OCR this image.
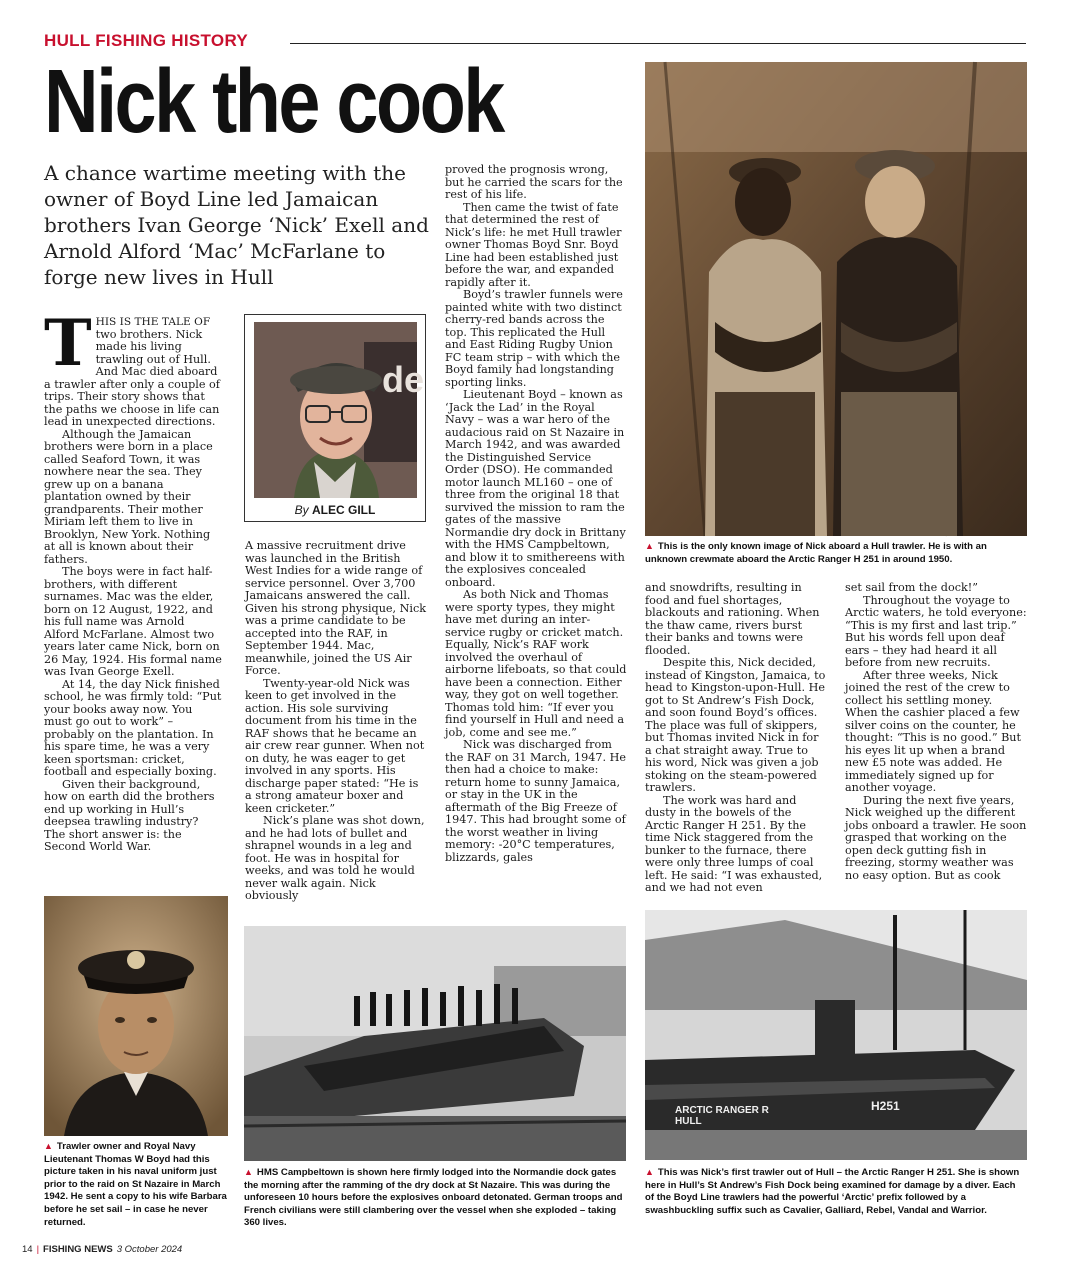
HULL FISHING HISTORY
Nick the cook
A chance wartime meeting with the owner of Boyd Line led Jamaican brothers Ivan George ‘Nick’ Exell and Arnold Alford ‘Mac’ McFarlane to forge new lives in Hull

THIS IS THE TALE OF two brothers. Nick made his living trawling out of Hull. And Mac died aboard a trawler after only a couple of trips. Their story shows that the paths we choose in life can lead in unexpected directions.

Although the Jamaican brothers were born in a place called Seaford Town, it was nowhere near the sea. They grew up on a banana plantation owned by their grandparents. Their mother Miriam left them to live in Brooklyn, New York. Nothing at all is known about their fathers.

The boys were in fact half-brothers, with different surnames. Mac was the elder, born on 12 August, 1922, and his full name was Arnold Alford McFarlane. Almost two years later came Nick, born on 26 May, 1924. His formal name was Ivan George Exell.

At 14, the day Nick finished school, he was firmly told: “Put your books away now. You must go out to work” – probably on the plantation. In his spare time, he was a very keen sportsman: cricket, football and especially boxing.

Given their background, how on earth did the brothers end up working in Hull’s deepsea trawling industry? The short answer is: the Second World War.

de
By ALEC GILL

A massive recruitment drive was launched in the British West Indies for a wide range of service personnel. Over 3,700 Jamaicans answered the call. Given his strong physique, Nick was a prime candidate to be accepted into the RAF, in September 1944. Mac, meanwhile, joined the US Air Force.

Twenty-year-old Nick was keen to get involved in the action. His sole surviving document from his time in the RAF shows that he became an air crew rear gunner. When not on duty, he was eager to get involved in any sports. His discharge paper stated: “He is a strong amateur boxer and keen cricketer.”

Nick’s plane was shot down, and he had lots of bullet and shrapnel wounds in a leg and foot. He was in hospital for weeks, and was told he would never walk again. Nick obviously

proved the prognosis wrong, but he carried the scars for the rest of his life.

Then came the twist of fate that determined the rest of Nick’s life: he met Hull trawler owner Thomas Boyd Snr. Boyd Line had been established just before the war, and expanded rapidly after it.

Boyd’s trawler funnels were painted white with two distinct cherry-red bands across the top. This replicated the Hull and East Riding Rugby Union FC team strip – with which the Boyd family had longstanding sporting links.

Lieutenant Boyd – known as ‘Jack the Lad’ in the Royal Navy – was a war hero of the audacious raid on St Nazaire in March 1942, and was awarded the Distinguished Service Order (DSO). He commanded motor launch ML160 – one of three from the original 18 that survived the mission to ram the gates of the massive Normandie dry dock in Brittany with the HMS Campbeltown, and blow it to smithereens with the explosives concealed onboard.

As both Nick and Thomas were sporty types, they might have met during an inter-service rugby or cricket match. Equally, Nick’s RAF work involved the overhaul of airborne lifeboats, so that could have been a connection. Either way, they got on well together. Thomas told him: “If ever you find yourself in Hull and need a job, come and see me.”

Nick was discharged from the RAF on 31 March, 1947. He then had a choice to make: return home to sunny Jamaica, or stay in the UK in the aftermath of the Big Freeze of 1947. This had brought some of the worst weather in living memory: -20°C temperatures, blizzards, gales

▲ This is the only known image of Nick aboard a Hull trawler. He is with an unknown crewmate aboard the Arctic Ranger H 251 in around 1950.

and snowdrifts, resulting in food and fuel shortages, blackouts and rationing. When the thaw came, rivers burst their banks and towns were flooded.

Despite this, Nick decided, instead of Kingston, Jamaica, to head to Kingston-upon-Hull. He got to St Andrew’s Fish Dock, and soon found Boyd’s offices. The place was full of skippers, but Thomas invited Nick in for a chat straight away. True to his word, Nick was given a job stoking on the steam-powered trawlers.

The work was hard and dusty in the bowels of the Arctic Ranger H 251. By the time Nick staggered from the bunker to the furnace, there were only three lumps of coal left. He said: “I was exhausted, and we had not even

set sail from the dock!”

Throughout the voyage to Arctic waters, he told everyone: “This is my first and last trip.” But his words fell upon deaf ears – they had heard it all before from new recruits.

After three weeks, Nick joined the rest of the crew to collect his settling money. When the cashier placed a few silver coins on the counter, he thought: “This is no good.” But his eyes lit up when a brand new £5 note was added. He immediately signed up for another voyage.

During the next five years, Nick weighed up the different jobs onboard a trawler. He soon grasped that working on the open deck gutting fish in freezing, stormy weather was no easy option. But as cook

▲ Trawler owner and Royal Navy Lieutenant Thomas W Boyd had this picture taken in his naval uniform just prior to the raid on St Nazaire in March 1942. He sent a copy to his wife Barbara before he set sail – in case he never returned.
▲ HMS Campbeltown is shown here firmly lodged into the Normandie dock gates the morning after the ramming of the dry dock at St Nazaire. This was during the unforeseen 10 hours before the explosives onboard detonated. German troops and French civilians were still clambering over the vessel when she exploded – taking 360 lives.
ARCTIC RANGER R HULL
H251
▲ This was Nick’s first trawler out of Hull – the Arctic Ranger H 251. She is shown here in Hull’s St Andrew’s Fish Dock being examined for damage by a diver. Each of the Boyd Line trawlers had the powerful ‘Arctic’ prefix followed by a swashbuckling suffix such as Cavalier, Galliard, Rebel, Vandal and Warrior.
14 | FISHING NEWS 3 October 2024
